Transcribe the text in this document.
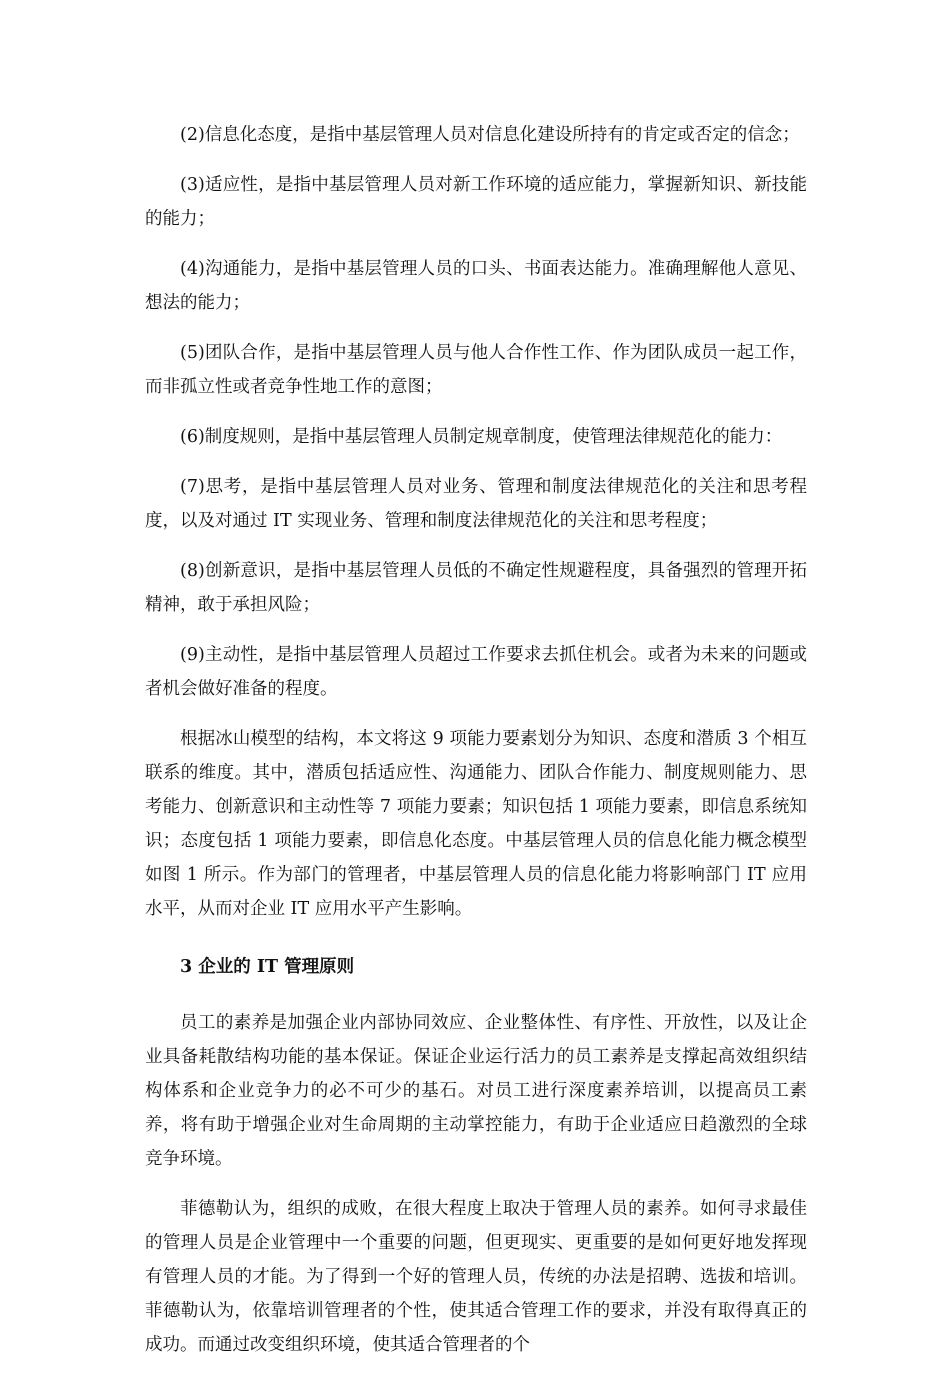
(2)信息化态度，是指中基层管理人员对信息化建设所持有的肯定或否定的信念；

(3)适应性，是指中基层管理人员对新工作环境的适应能力，掌握新知识、新技能的能力；

(4)沟通能力，是指中基层管理人员的口头、书面表达能力。准确理解他人意见、想法的能力；

(5)团队合作，是指中基层管理人员与他人合作性工作、作为团队成员一起工作，而非孤立性或者竞争性地工作的意图；

(6)制度规则，是指中基层管理人员制定规章制度，使管理法律规范化的能力：

(7)思考，是指中基层管理人员对业务、管理和制度法律规范化的关注和思考程度，以及对通过 IT 实现业务、管理和制度法律规范化的关注和思考程度；

(8)创新意识，是指中基层管理人员低的不确定性规避程度，具备强烈的管理开拓精神，敢于承担风险；

(9)主动性，是指中基层管理人员超过工作要求去抓住机会。或者为未来的问题或者机会做好准备的程度。

根据冰山模型的结构，本文将这 9 项能力要素划分为知识、态度和潜质 3 个相互联系的维度。其中，潜质包括适应性、沟通能力、团队合作能力、制度规则能力、思考能力、创新意识和主动性等 7 项能力要素；知识包括 1 项能力要素，即信息系统知识；态度包括 1 项能力要素，即信息化态度。中基层管理人员的信息化能力概念模型如图 1 所示。作为部门的管理者，中基层管理人员的信息化能力将影响部门 IT 应用水平，从而对企业 IT 应用水平产生影响。

3 企业的 IT 管理原则

员工的素养是加强企业内部协同效应、企业整体性、有序性、开放性，以及让企业具备耗散结构功能的基本保证。保证企业运行活力的员工素养是支撑起高效组织结构体系和企业竞争力的必不可少的基石。对员工进行深度素养培训，以提高员工素养，将有助于增强企业对生命周期的主动掌控能力，有助于企业适应日趋激烈的全球竞争环境。

菲德勒认为，组织的成败，在很大程度上取决于管理人员的素养。如何寻求最佳的管理人员是企业管理中一个重要的问题，但更现实、更重要的是如何更好地发挥现有管理人员的才能。为了得到一个好的管理人员，传统的办法是招聘、选拔和培训。菲德勒认为，依靠培训管理者的个性，使其适合管理工作的要求，并没有取得真正的成功。而通过改变组织环境，使其适合管理者的个
